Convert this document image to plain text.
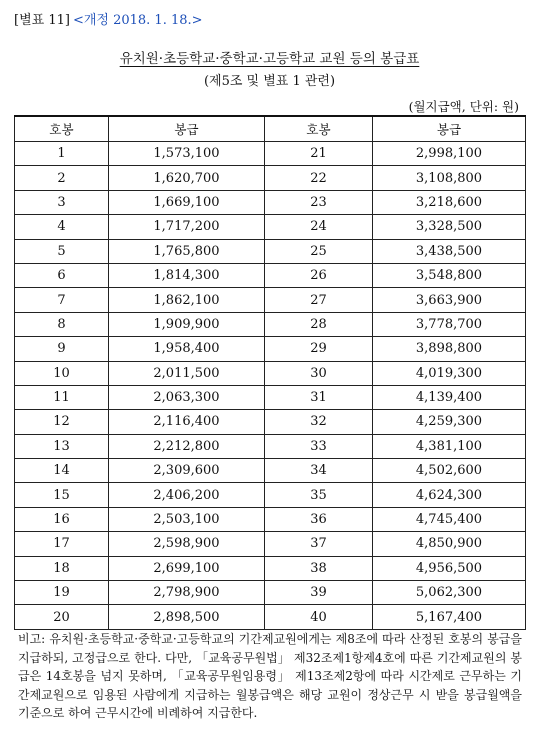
[별표 11] <개정 2018. 1. 18.>
유치원·초등학교·중학교·고등학교 교원 등의 봉급표
(제5조 및 별표 1 관련)
(월지급액, 단위: 원)
호봉	봉급	호봉	봉급
1	1,573,100	21	2,998,100
2	1,620,700	22	3,108,800
3	1,669,100	23	3,218,600
4	1,717,200	24	3,328,500
5	1,765,800	25	3,438,500
6	1,814,300	26	3,548,800
7	1,862,100	27	3,663,900
8	1,909,900	28	3,778,700
9	1,958,400	29	3,898,800
10	2,011,500	30	4,019,300
11	2,063,300	31	4,139,400
12	2,116,400	32	4,259,300
13	2,212,800	33	4,381,100
14	2,309,600	34	4,502,600
15	2,406,200	35	4,624,300
16	2,503,100	36	4,745,400
17	2,598,900	37	4,850,900
18	2,699,100	38	4,956,500
19	2,798,900	39	5,062,300
20	2,898,500	40	5,167,400
비고: 유치원·초등학교·중학교·고등학교의 기간제교원에게는 제8조에 따라 산정된 호봉의 봉급을 지급하되, 고정급으로 한다. 다만, 「교육공무원법」 제32조제1항제4호에 따른 기간제교원의 봉급은 14호봉을 넘지 못하며, 「교육공무원임용령」 제13조제2항에 따라 시간제로 근무하는 기간제교원으로 임용된 사람에게 지급하는 월봉급액은 해당 교원이 정상근무 시 받을 봉급월액을 기준으로 하여 근무시간에 비례하여 지급한다.
